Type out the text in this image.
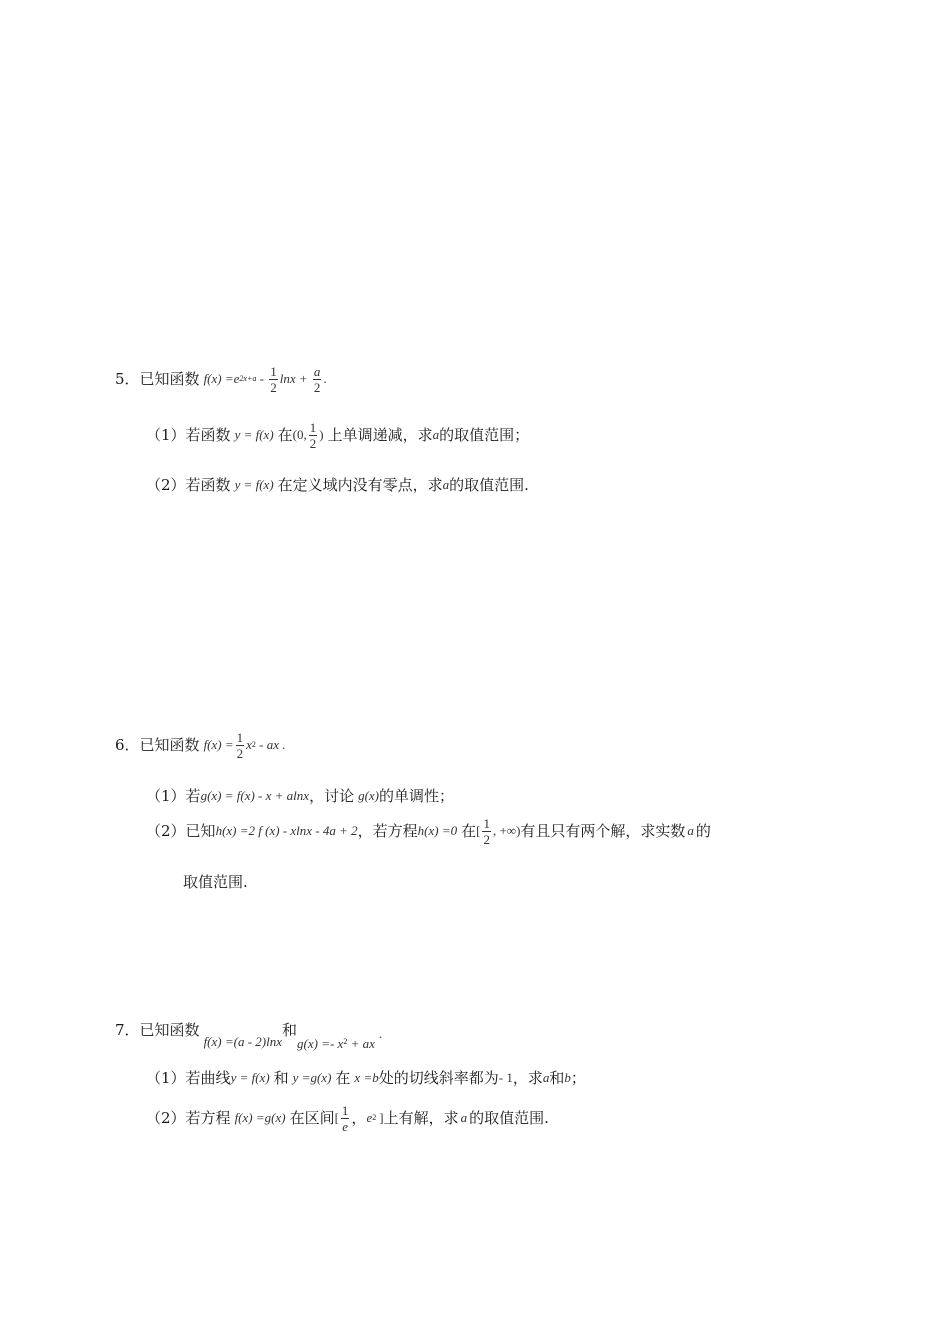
5． 已知函数 f(x) =e $2x+a - \frac{1}{2}$ $\ln x + \frac{a}{2}$ .
（1） 若函数 y = f(x) 在 (0, $\frac{1}{2}$ ) 上单调递减，求 a 的取值范围；
（2） 若函数 y = f(x) 在定义域内没有零点，求 a 的取值范围.
6． 已知函数 $f(x) = \frac{1}{2}$ x 2 - ax .
（1） 若 g(x) = f(x) - x + alnx ，讨论 g(x) 的单调性；
（2） 已知 h(x) =2 f (x) - xlnx - 4a + 2 ，若方程 h(x) =0 在 [ $\frac{1}{2}$ , +∞) 有且只有两个解，求实数 a 的
取值范围.
7． 已知函数
f(x) =(a - 2)lnx
和
g(x) =- x 2 + ax
.
（1） 若曲线 y = f(x) 和 y =g(x) 在 x =b 处的切线斜率都为 - 1 ，求 a 和 b ；
（2） 若方程 f(x) =g(x) 在区间 [ $\frac{1}{e}$ ， e 2 ] 上有解，求 a 的取值范围.
